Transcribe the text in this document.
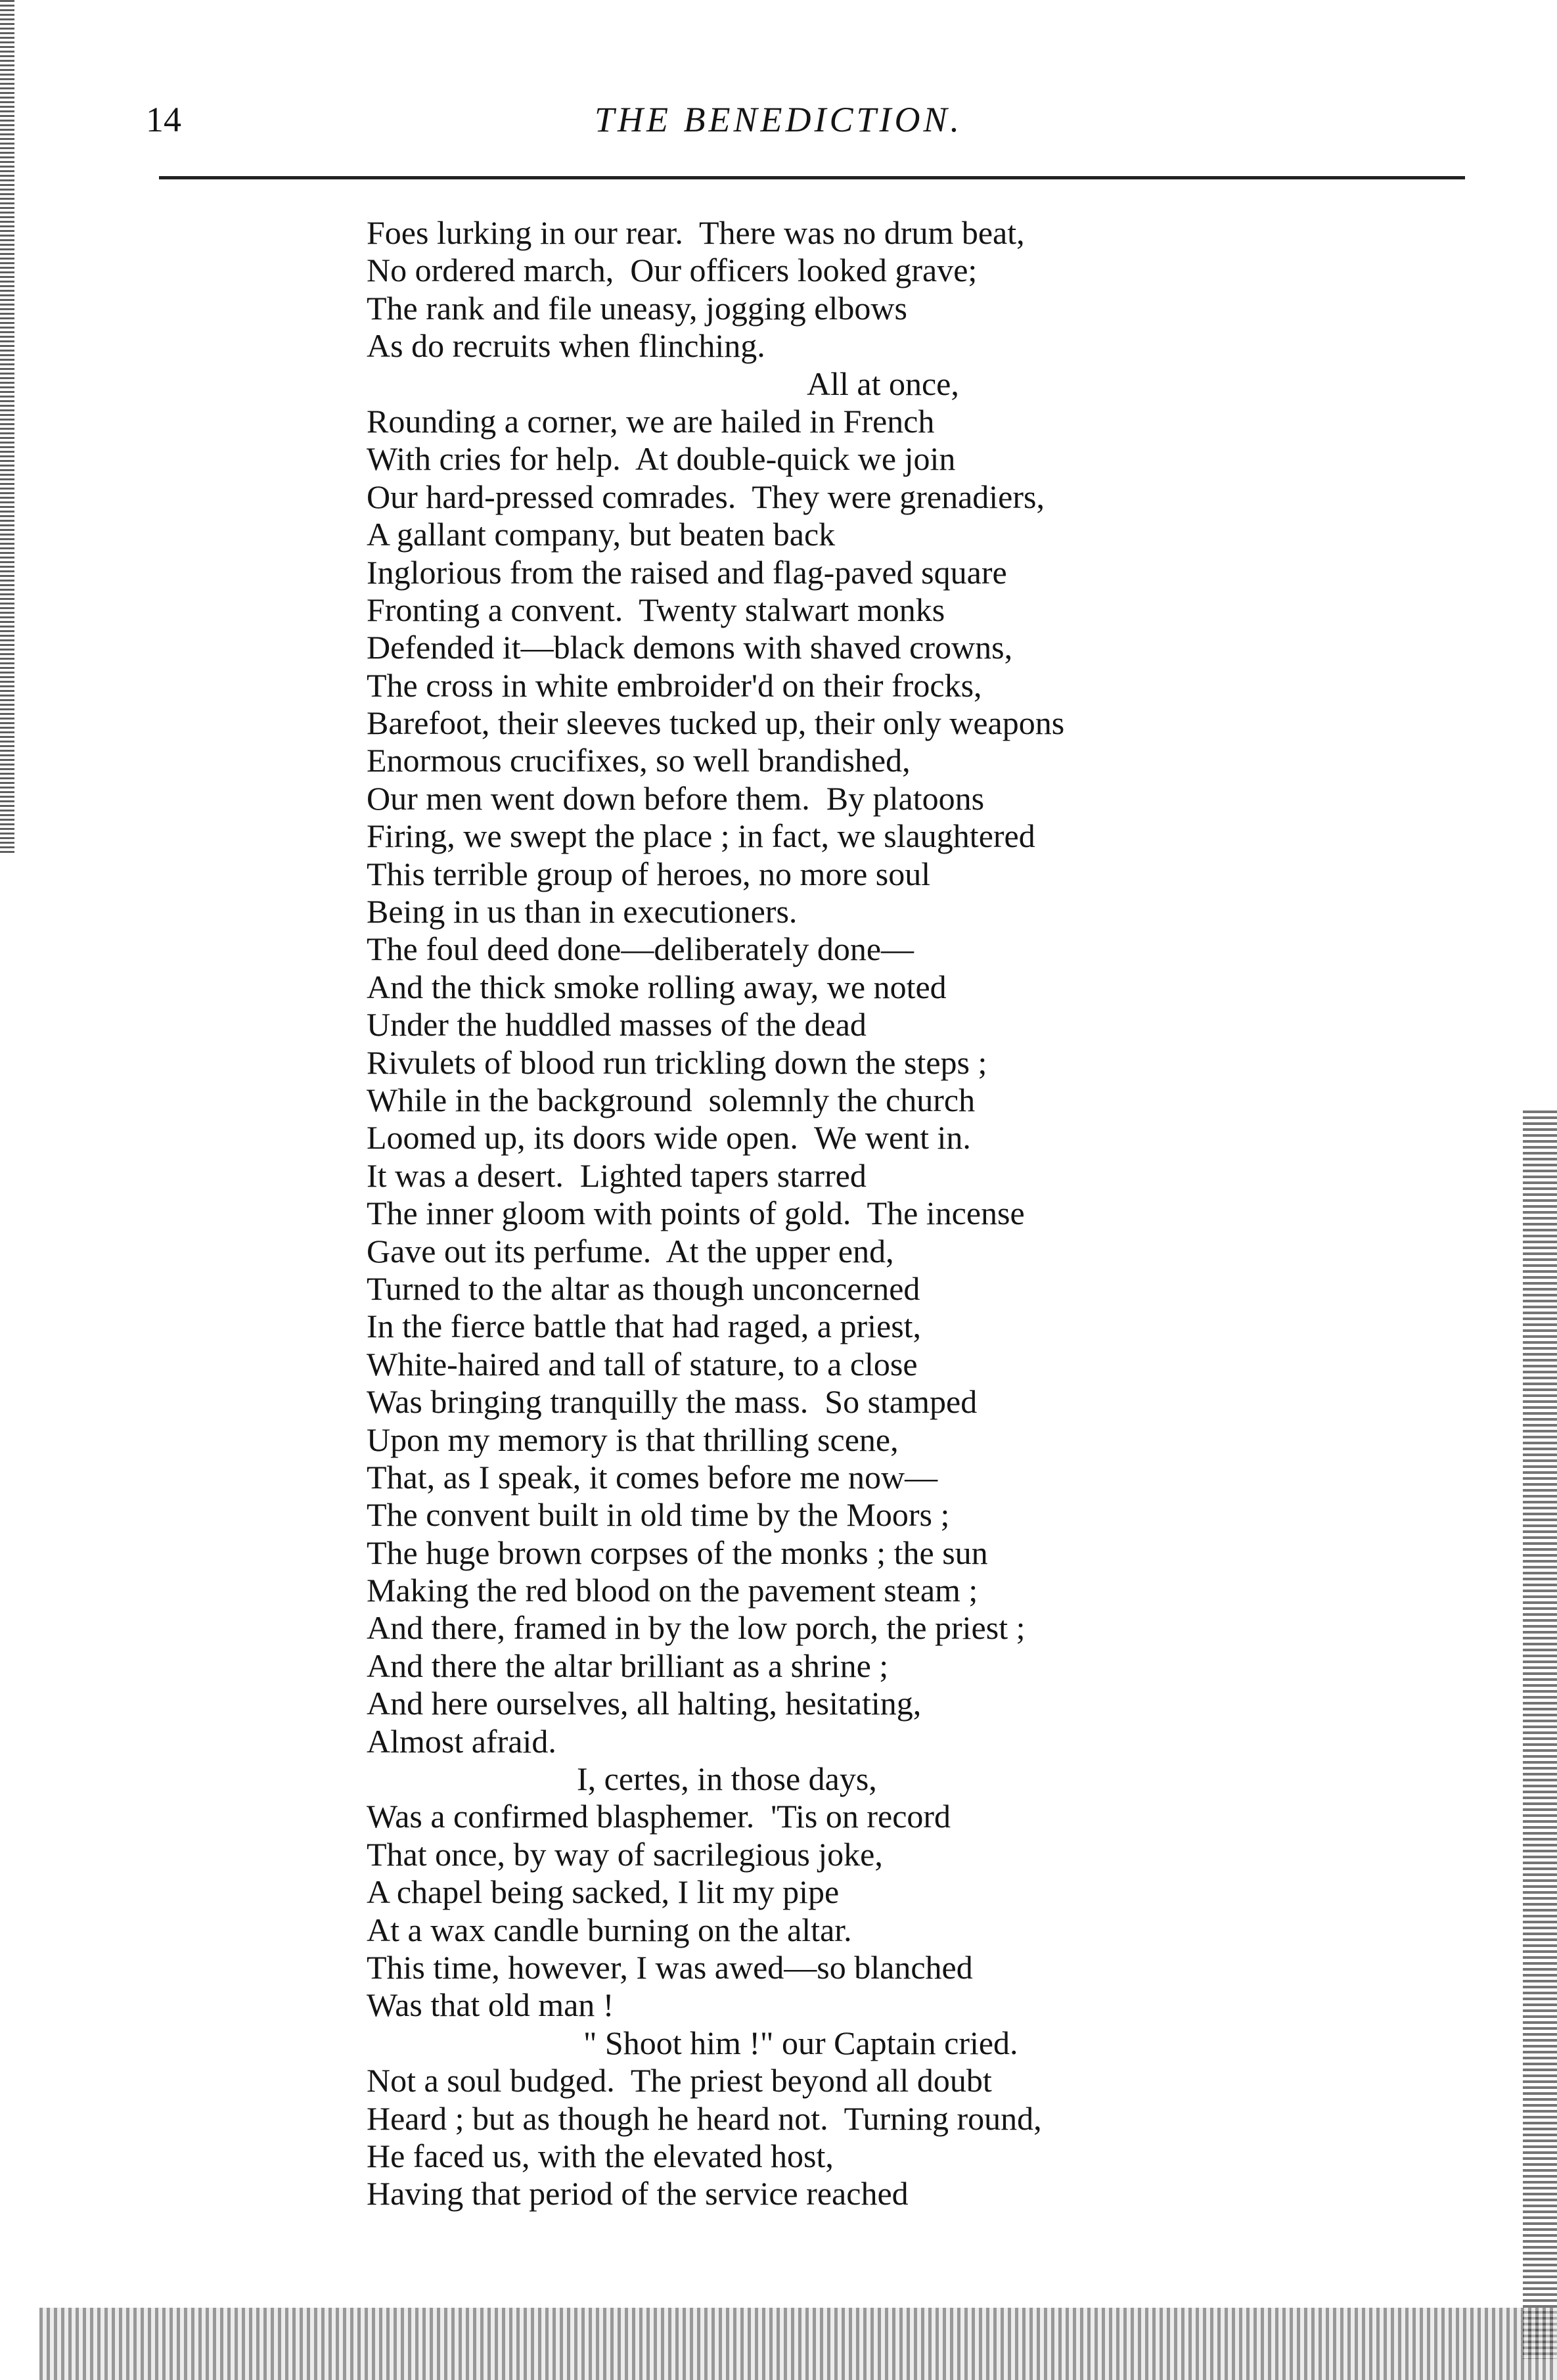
14	THE BENEDICTION.
Foes lurking in our rear.  There was no drum beat,
No ordered march,  Our officers looked grave;
The rank and file uneasy, jogging elbows
As do recruits when flinching.
All at once,
Rounding a corner, we are hailed in French
With cries for help.  At double-quick we join
Our hard-pressed comrades.  They were grenadiers,
A gallant company, but beaten back
Inglorious from the raised and flag-paved square
Fronting a convent.  Twenty stalwart monks
Defended it—black demons with shaved crowns,
The cross in white embroider'd on their frocks,
Barefoot, their sleeves tucked up, their only weapons
Enormous crucifixes, so well brandished,
Our men went down before them.  By platoons
Firing, we swept the place ; in fact, we slaughtered
This terrible group of heroes, no more soul
Being in us than in executioners.
The foul deed done—deliberately done—
And the thick smoke rolling away, we noted
Under the huddled masses of the dead
Rivulets of blood run trickling down the steps ;
While in the background  solemnly the church
Loomed up, its doors wide open.  We went in.
It was a desert.  Lighted tapers starred
The inner gloom with points of gold.  The incense
Gave out its perfume.  At the upper end,
Turned to the altar as though unconcerned
In the fierce battle that had raged, a priest,
White-haired and tall of stature, to a close
Was bringing tranquilly the mass.  So stamped
Upon my memory is that thrilling scene,
That, as I speak, it comes before me now—
The convent built in old time by the Moors ;
The huge brown corpses of the monks ; the sun
Making the red blood on the pavement steam ;
And there, framed in by the low porch, the priest ;
And there the altar brilliant as a shrine ;
And here ourselves, all halting, hesitating,
Almost afraid.
I, certes, in those days,
Was a confirmed blasphemer.  'Tis on record
That once, by way of sacrilegious joke,
A chapel being sacked, I lit my pipe
At a wax candle burning on the altar.
This time, however, I was awed—so blanched
Was that old man !
" Shoot him !" our Captain cried.
Not a soul budged.  The priest beyond all doubt
Heard ; but as though he heard not.  Turning round,
He faced us, with the elevated host,
Having that period of the service reached
